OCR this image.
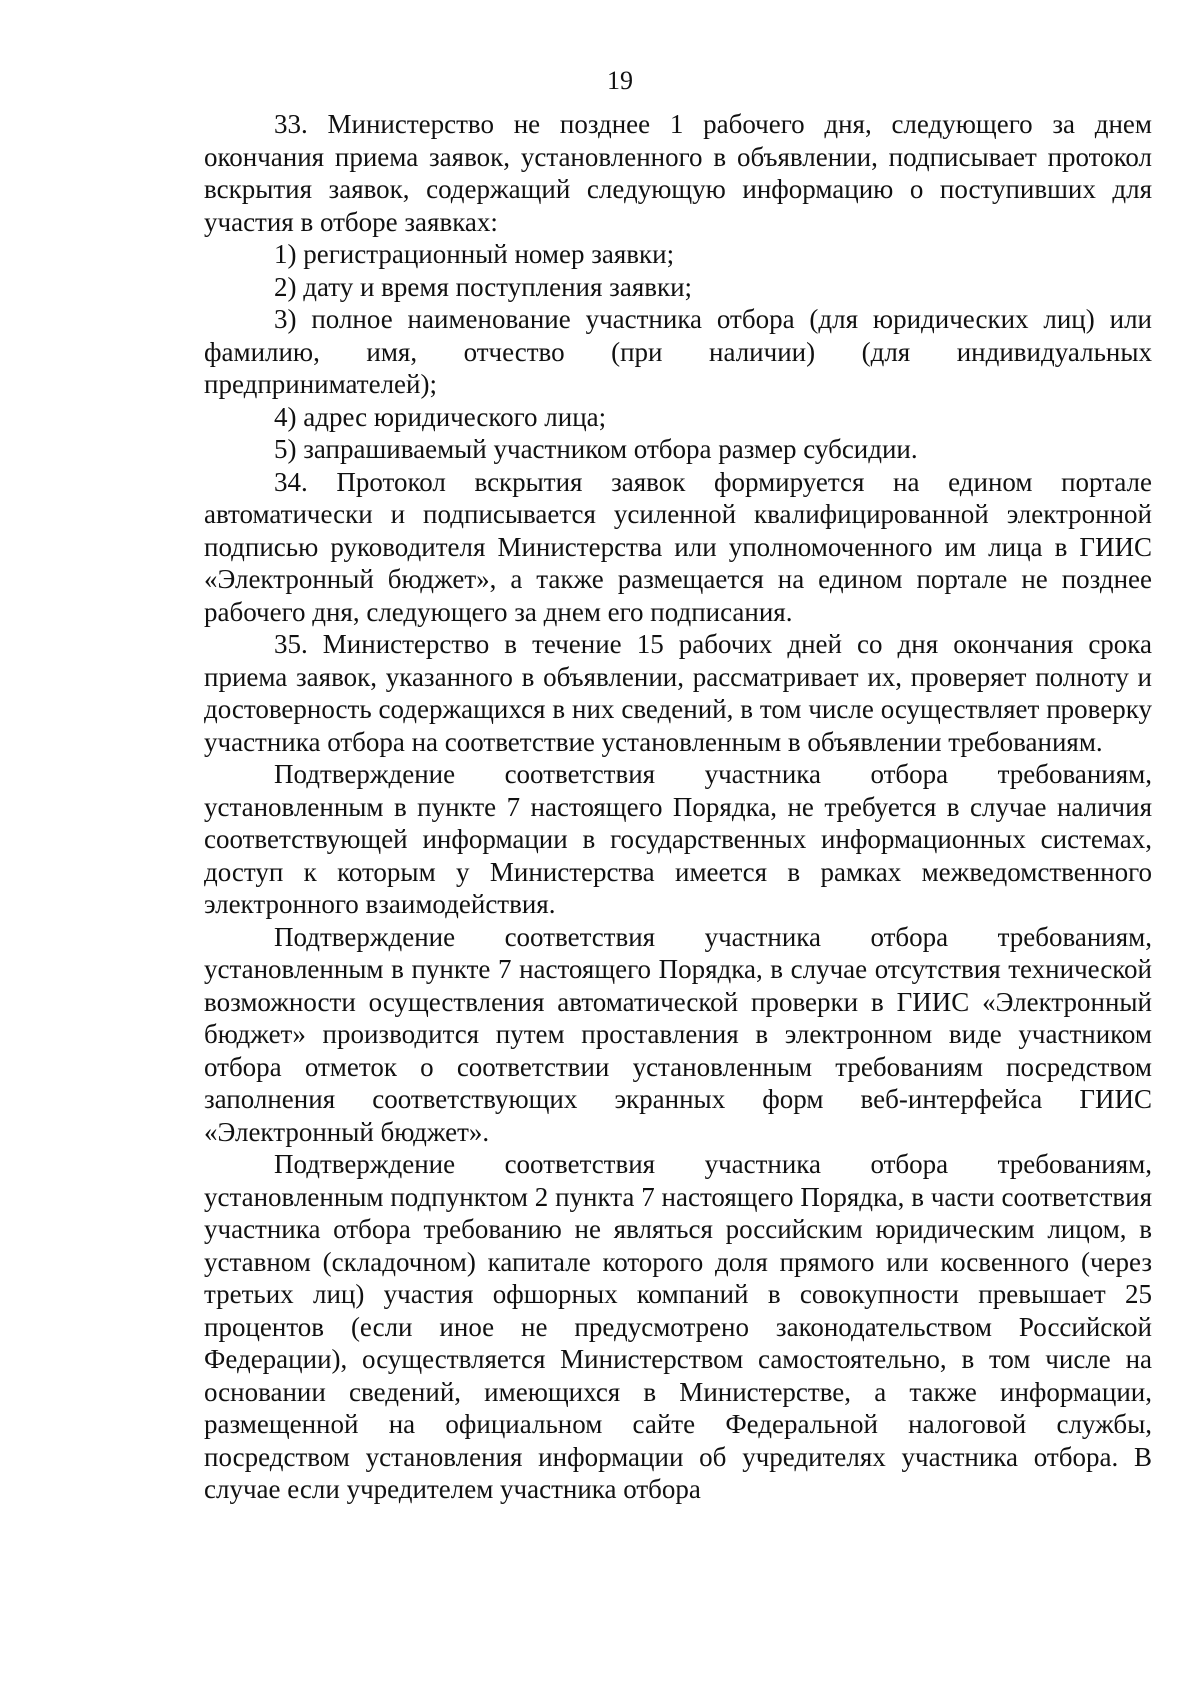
19

33. Министерство не позднее 1 рабочего дня, следующего за днем окончания приема заявок, установленного в объявлении, подписывает протокол вскрытия заявок, содержащий следующую информацию о поступивших для участия в отборе заявках:

1) регистрационный номер заявки;

2) дату и время поступления заявки;

3) полное наименование участника отбора (для юридических лиц) или фамилию, имя, отчество (при наличии) (для индивидуальных предпринимателей);

4) адрес юридического лица;

5) запрашиваемый участником отбора размер субсидии.

34. Протокол вскрытия заявок формируется на едином портале автоматически и подписывается усиленной квалифицированной электронной подписью руководителя Министерства или уполномоченного им лица в ГИИС «Электронный бюджет», а также размещается на едином портале не позднее рабочего дня, следующего за днем его подписания.

35. Министерство в течение 15 рабочих дней со дня окончания срока приема заявок, указанного в объявлении, рассматривает их, проверяет полноту и достоверность содержащихся в них сведений, в том числе осуществляет проверку участника отбора на соответствие установленным в объявлении требованиям.

Подтверждение соответствия участника отбора требованиям, установленным в пункте 7 настоящего Порядка, не требуется в случае наличия соответствующей информации в государственных информационных системах, доступ к которым у Министерства имеется в рамках межведомственного электронного взаимодействия.

Подтверждение соответствия участника отбора требованиям, установленным в пункте 7 настоящего Порядка, в случае отсутствия технической возможности осуществления автоматической проверки в ГИИС «Электронный бюджет» производится путем проставления в электронном виде участником отбора отметок о соответствии установленным требованиям посредством заполнения соответствующих экранных форм веб-интерфейса ГИИС «Электронный бюджет».

Подтверждение соответствия участника отбора требованиям, установленным подпунктом 2 пункта 7 настоящего Порядка, в части соответствия участника отбора требованию не являться российским юридическим лицом, в уставном (складочном) капитале которого доля прямого или косвенного (через третьих лиц) участия офшорных компаний в совокупности превышает 25 процентов (если иное не предусмотрено законодательством Российской Федерации), осуществляется Министерством самостоятельно, в том числе на основании сведений, имеющихся в Министерстве, а также информации, размещенной на официальном сайте Федеральной налоговой службы, посредством установления информации об учредителях участника отбора. В случае если учредителем участника отбора
